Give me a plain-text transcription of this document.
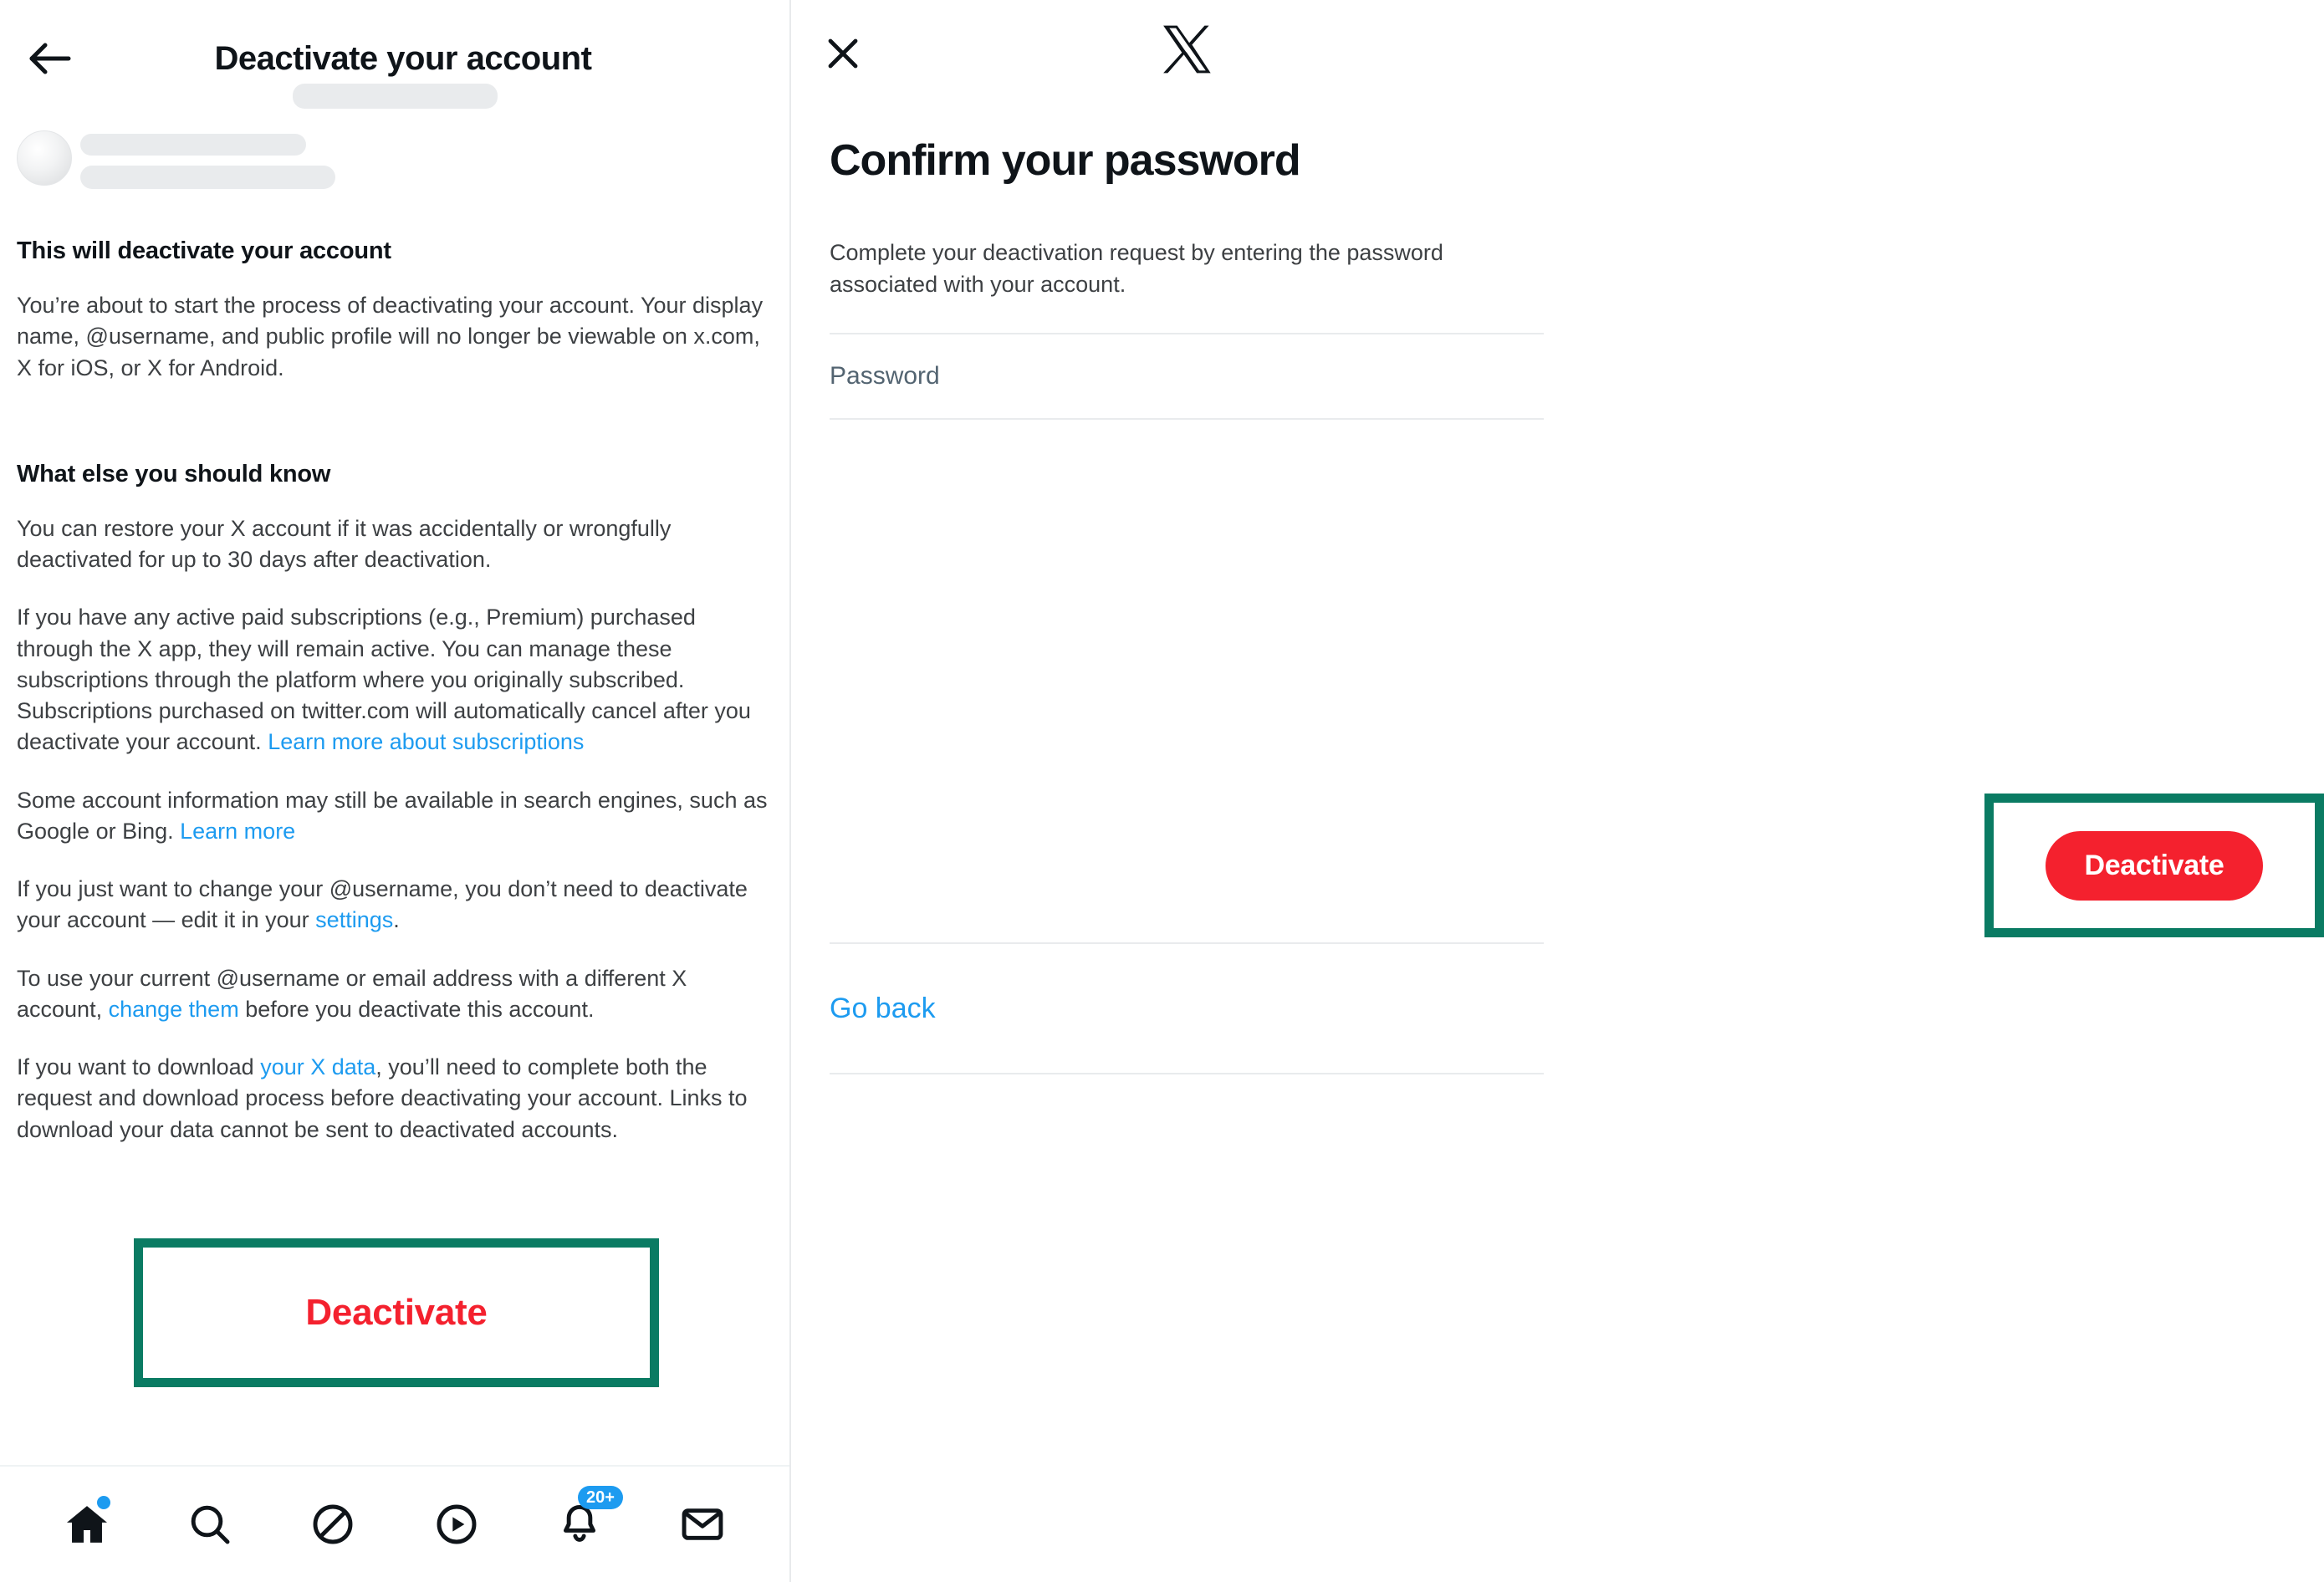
Deactivate your account
This will deactivate your account
You’re about to start the process of deactivating your account. Your display name, @username, and public profile will no longer be viewable on x.com, X for iOS, or X for Android.
What else you should know
You can restore your X account if it was accidentally or wrongfully deactivated for up to 30 days after deactivation.
If you have any active paid subscriptions (e.g., Premium) purchased through the X app, they will remain active. You can manage these subscriptions through the platform where you originally subscribed. Subscriptions purchased on twitter.com will automatically cancel after you deactivate your account. Learn more about subscriptions
Some account information may still be available in search engines, such as Google or Bing. Learn more
If you just want to change your @username, you don’t need to deactivate your account — edit it in your settings.
To use your current @username or email address with a different X account, change them before you deactivate this account.
If you want to download your X data, you’ll need to complete both the request and download process before deactivating your account. Links to download your data cannot be sent to deactivated accounts.
Deactivate
20+
Confirm your password
Complete your deactivation request by entering the password associated with your account.
Password
Go back
Deactivate
